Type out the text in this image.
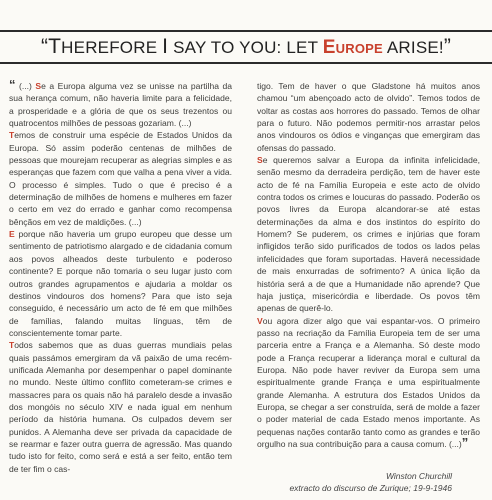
“THEREFORE I SAY TO YOU: LET Europe ARISE!”

“ (...) Se a Europa alguma vez se unisse na partilha da sua herança comum, não haveria limite para a felicidade, a prosperidade e a glória de que os seus trezentos ou quatrocentos milhões de pessoas gozariam. (...)

Temos de construir uma espécie de Estados Unidos da Europa. Só assim poderão centenas de milhões de pessoas que mourejam recuperar as alegrias simples e as esperanças que fazem com que valha a pena viver a vida. O processo é simples. Tudo o que é preciso é a determinação de milhões de homens e mulheres em fazer o certo em vez do errado e ganhar como recompensa bênçãos em vez de maldições. (...)

E porque não haveria um grupo europeu que desse um sentimento de patriotismo alargado e de cidadania comum aos povos alheados deste turbulento e poderoso continente? E porque não tomaria o seu lugar justo com outros grandes agrupamentos e ajudaria a moldar os destinos vindouros dos homens? Para que isto seja conseguido, é necessário um acto de fé em que milhões de famílias, falando muitas línguas, têm de conscientemente tomar parte.

Todos sabemos que as duas guerras mundiais pelas quais passámos emergiram da vã paixão de uma recém-unificada Alemanha por desempenhar o papel dominante no mundo. Neste último conflito cometeram-se crimes e massacres para os quais não há paralelo desde a invasão dos mongóis no século XIV e nada igual em nenhum período da história humana. Os culpados devem ser punidos. A Alemanha deve ser privada da capacidade de se rearmar e fazer outra guerra de agressão. Mas quando tudo isto for feito, como será e está a ser feito, então tem de ter fim o cas-

tigo. Tem de haver o que Gladstone há muitos anos chamou “um abençoado acto de olvido”. Temos todos de voltar as costas aos horrores do passado. Temos de olhar para o futuro. Não podemos permitir-nos arrastar pelos anos vindouros os ódios e vinganças que emergiram das ofensas do passado.

Se queremos salvar a Europa da infinita infelicidade, senão mesmo da derradeira perdição, tem de haver este acto de fé na Família Europeia e este acto de olvido contra todos os crimes e loucuras do passado. Poderão os povos livres da Europa alcandorar-se até estas determinações da alma e dos instintos do espírito do Homem? Se puderem, os crimes e injúrias que foram infligidos terão sido purificados de todos os lados pelas infelicidades que foram suportadas. Haverá necessidade de mais enxurradas de sofrimento? A única lição da história será a de que a Humanidade não aprende? Que haja justiça, misericórdia e liberdade. Os povos têm apenas de querê-lo.

Vou agora dizer algo que vai espantar-vos. O primeiro passo na recriação da Família Europeia tem de ser uma parceria entre a França e a Alemanha. Só deste modo pode a França recuperar a liderança moral e cultural da Europa. Não pode haver reviver da Europa sem uma espiritualmente grande França e uma espiritualmente grande Alemanha. A estrutura dos Estados Unidos da Europa, se chegar a ser construída, será de molde a fazer o poder material de cada Estado menos importante. As pequenas nações contarão tanto como as grandes e terão orgulho na sua contribuição para a causa comum. (...)”

Winston Churchill
extracto do discurso de Zurique; 19-9-1946
